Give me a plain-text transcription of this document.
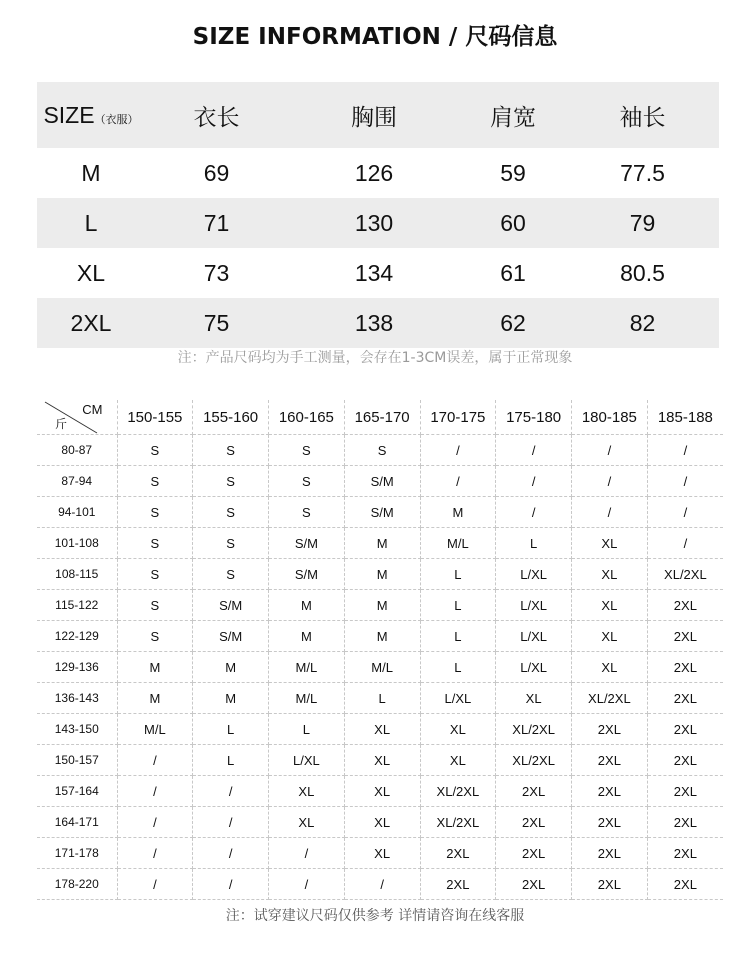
SIZE INFORMATION / 尺码信息
SIZE（衣服）	衣长	胸围	肩宽	袖长
M	69	126	59	77.5
L	71	130	60	79
XL	73	134	61	80.5
2XL	75	138	62	82
注：产品尺码均为手工测量，会存在1-3CM误差，属于正常现象
CM
斤	150-155	155-160	160-165	165-170	170-175	175-180	180-185	185-188
80-87	S	S	S	S	/	/	/	/
87-94	S	S	S	S/M	/	/	/	/
94-101	S	S	S	S/M	M	/	/	/
101-108	S	S	S/M	M	M/L	L	XL	/
108-115	S	S	S/M	M	L	L/XL	XL	XL/2XL
115-122	S	S/M	M	M	L	L/XL	XL	2XL
122-129	S	S/M	M	M	L	L/XL	XL	2XL
129-136	M	M	M/L	M/L	L	L/XL	XL	2XL
136-143	M	M	M/L	L	L/XL	XL	XL/2XL	2XL
143-150	M/L	L	L	XL	XL	XL/2XL	2XL	2XL
150-157	/	L	L/XL	XL	XL	XL/2XL	2XL	2XL
157-164	/	/	XL	XL	XL/2XL	2XL	2XL	2XL
164-171	/	/	XL	XL	XL/2XL	2XL	2XL	2XL
171-178	/	/	/	XL	2XL	2XL	2XL	2XL
178-220	/	/	/	/	2XL	2XL	2XL	2XL
注：试穿建议尺码仅供参考 详情请咨询在线客服
